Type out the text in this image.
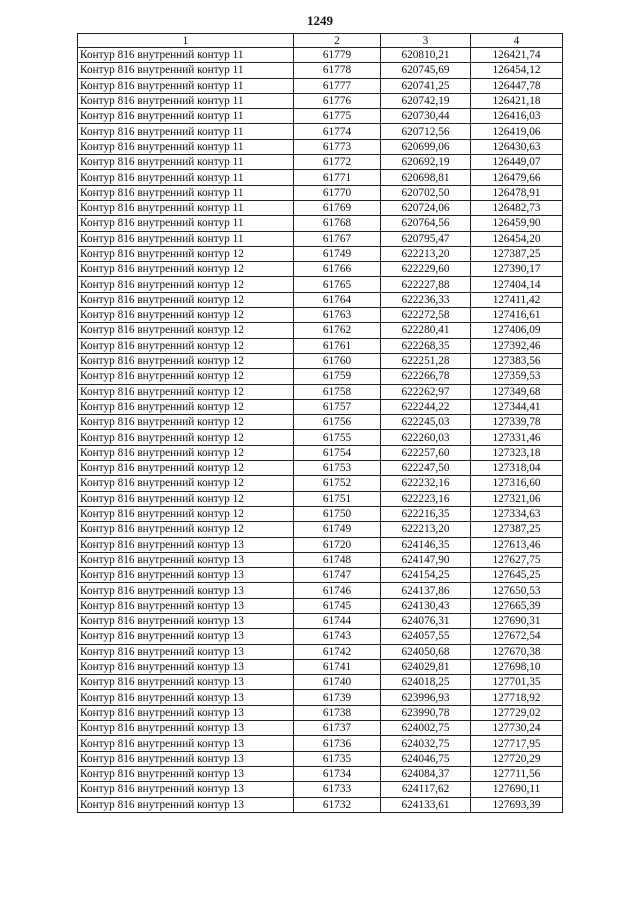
1249
1	2	3	4
Контур 816 внутренний контур 11	61779	620810,21	126421,74
Контур 816 внутренний контур 11	61778	620745,69	126454,12
Контур 816 внутренний контур 11	61777	620741,25	126447,78
Контур 816 внутренний контур 11	61776	620742,19	126421,18
Контур 816 внутренний контур 11	61775	620730,44	126416,03
Контур 816 внутренний контур 11	61774	620712,56	126419,06
Контур 816 внутренний контур 11	61773	620699,06	126430,63
Контур 816 внутренний контур 11	61772	620692,19	126449,07
Контур 816 внутренний контур 11	61771	620698,81	126479,66
Контур 816 внутренний контур 11	61770	620702,50	126478,91
Контур 816 внутренний контур 11	61769	620724,06	126482,73
Контур 816 внутренний контур 11	61768	620764,56	126459,90
Контур 816 внутренний контур 11	61767	620795,47	126454,20
Контур 816 внутренний контур 12	61749	622213,20	127387,25
Контур 816 внутренний контур 12	61766	622229,60	127390,17
Контур 816 внутренний контур 12	61765	622227,88	127404,14
Контур 816 внутренний контур 12	61764	622236,33	127411,42
Контур 816 внутренний контур 12	61763	622272,58	127416,61
Контур 816 внутренний контур 12	61762	622280,41	127406,09
Контур 816 внутренний контур 12	61761	622268,35	127392,46
Контур 816 внутренний контур 12	61760	622251,28	127383,56
Контур 816 внутренний контур 12	61759	622266,78	127359,53
Контур 816 внутренний контур 12	61758	622262,97	127349,68
Контур 816 внутренний контур 12	61757	622244,22	127344,41
Контур 816 внутренний контур 12	61756	622245,03	127339,78
Контур 816 внутренний контур 12	61755	622260,03	127331,46
Контур 816 внутренний контур 12	61754	622257,60	127323,18
Контур 816 внутренний контур 12	61753	622247,50	127318,04
Контур 816 внутренний контур 12	61752	622232,16	127316,60
Контур 816 внутренний контур 12	61751	622223,16	127321,06
Контур 816 внутренний контур 12	61750	622216,35	127334,63
Контур 816 внутренний контур 12	61749	622213,20	127387,25
Контур 816 внутренний контур 13	61720	624146,35	127613,46
Контур 816 внутренний контур 13	61748	624147,90	127627,75
Контур 816 внутренний контур 13	61747	624154,25	127645,25
Контур 816 внутренний контур 13	61746	624137,86	127650,53
Контур 816 внутренний контур 13	61745	624130,43	127665,39
Контур 816 внутренний контур 13	61744	624076,31	127690,31
Контур 816 внутренний контур 13	61743	624057,55	127672,54
Контур 816 внутренний контур 13	61742	624050,68	127670,38
Контур 816 внутренний контур 13	61741	624029,81	127698,10
Контур 816 внутренний контур 13	61740	624018,25	127701,35
Контур 816 внутренний контур 13	61739	623996,93	127718,92
Контур 816 внутренний контур 13	61738	623990,78	127729,02
Контур 816 внутренний контур 13	61737	624002,75	127730,24
Контур 816 внутренний контур 13	61736	624032,75	127717,95
Контур 816 внутренний контур 13	61735	624046,75	127720,29
Контур 816 внутренний контур 13	61734	624084,37	127711,56
Контур 816 внутренний контур 13	61733	624117,62	127690,11
Контур 816 внутренний контур 13	61732	624133,61	127693,39
